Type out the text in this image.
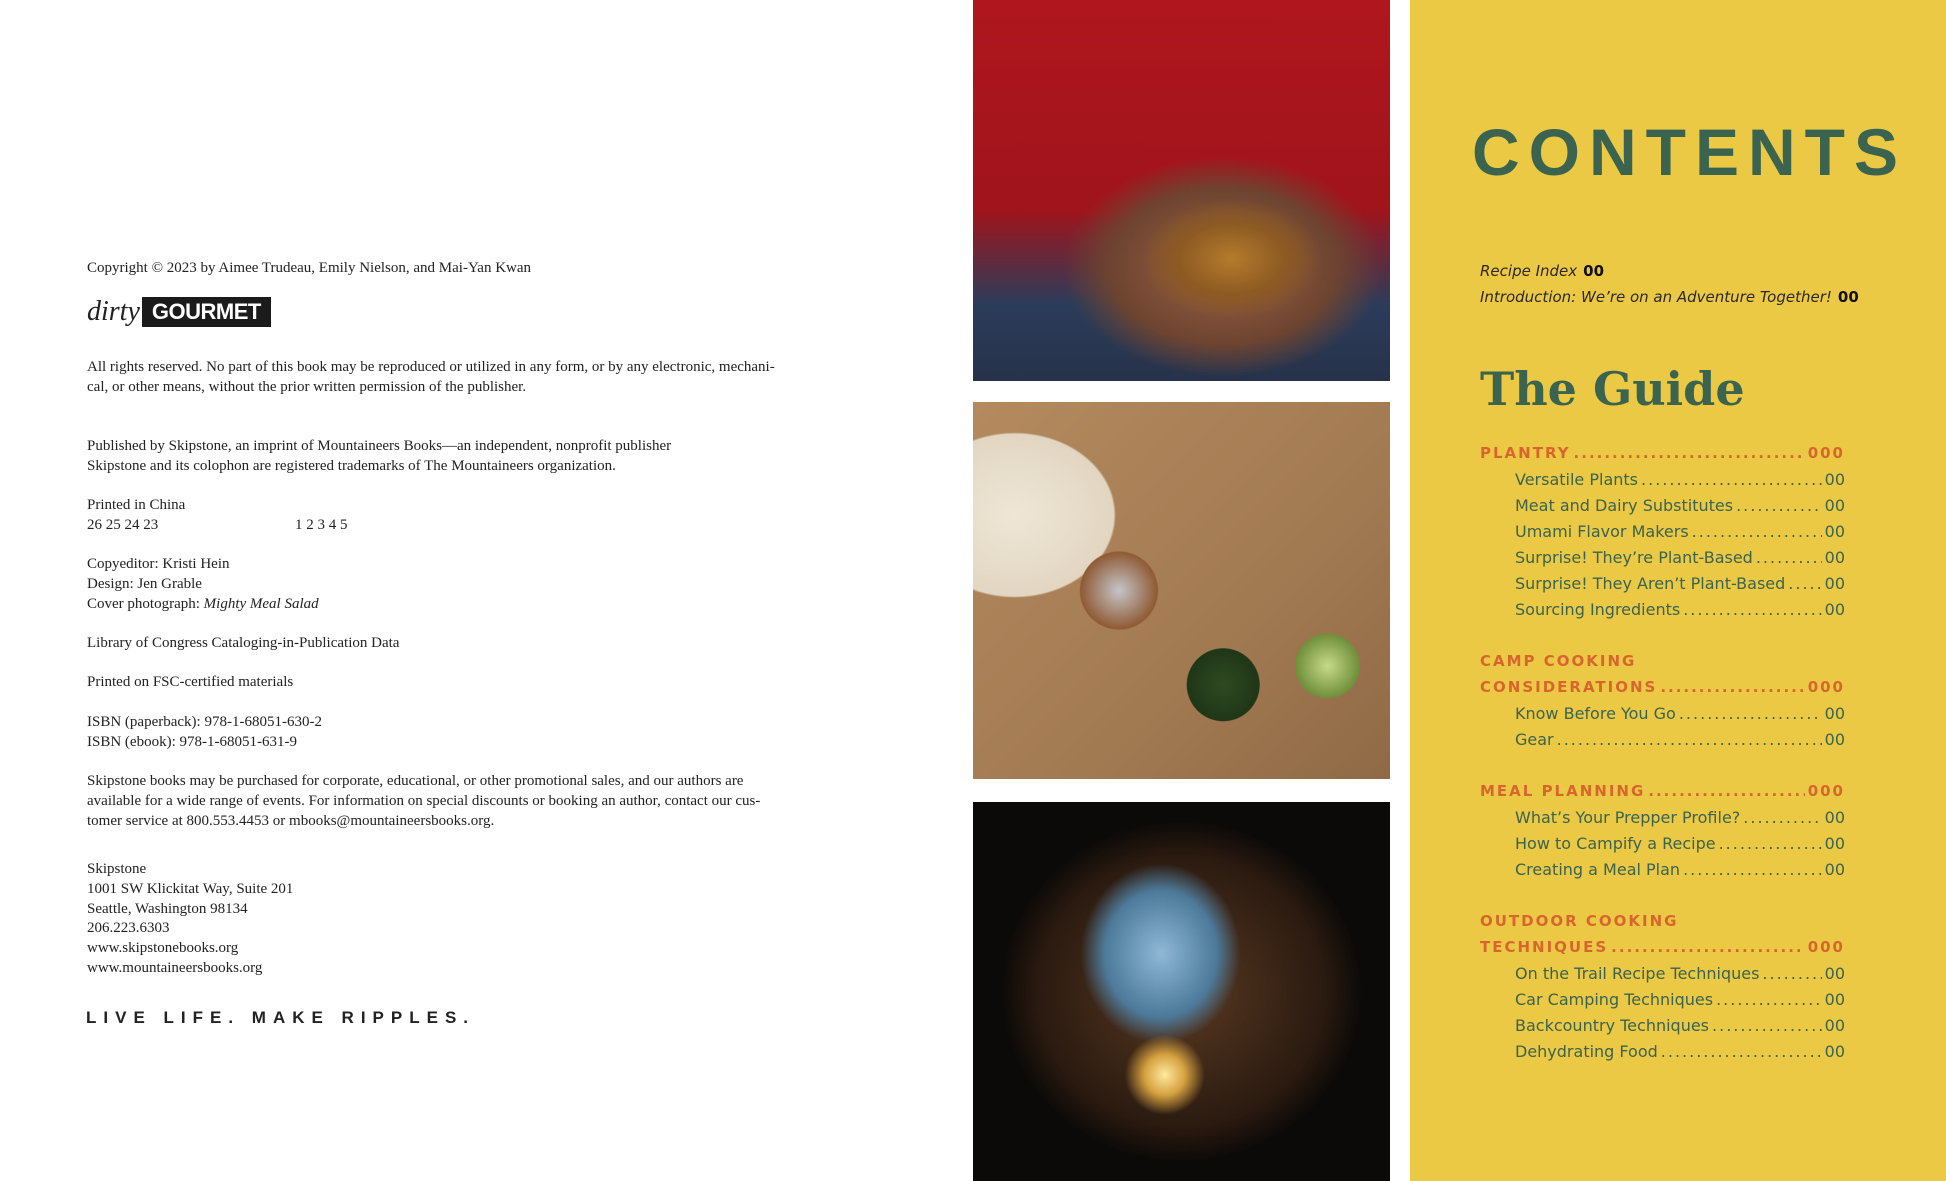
Copyright © 2023 by Aimee Trudeau, Emily Nielson, and Mai-Yan Kwan
dirty GOURMET
All rights reserved. No part of this book may be reproduced or utilized in any form, or by any electronic, mechani-
cal, or other means, without the prior written permission of the publisher.
Published by Skipstone, an imprint of Mountaineers Books—an independent, nonprofit publisher
Skipstone and its colophon are registered trademarks of The Mountaineers organization.
Printed in China
26 25 24 23	1 2 3 4 5
Copyeditor: Kristi Hein
Design: Jen Grable
Cover photograph: Mighty Meal Salad
Library of Congress Cataloging-in-Publication Data
Printed on FSC-certified materials
ISBN (paperback): 978-1-68051-630-2
ISBN (ebook): 978-1-68051-631-9
Skipstone books may be purchased for corporate, educational, or other promotional sales, and our authors are
available for a wide range of events. For information on special discounts or booking an author, contact our cus-
tomer service at 800.553.4453 or mbooks@mountaineersbooks.org.
Skipstone
1001 SW Klickitat Way, Suite 201
Seattle, Washington 98134
206.223.6303
www.skipstonebooks.org
www.mountaineersbooks.org
LIVE LIFE. MAKE RIPPLES.
CONTENTS
Recipe Index 00
Introduction: We’re on an Adventure Together! 00
The Guide
PLANTRY .....	000
Versatile Plants .....	00
Meat and Dairy Substitutes .....	00
Umami Flavor Makers .....	00
Surprise! They’re Plant-Based .....	00
Surprise! They Aren’t Plant-Based ..... 00
Sourcing Ingredients .....	00
CAMP COOKING
CONSIDERATIONS .....	000
Know Before You Go .....	00
Gear .....	00
MEAL PLANNING .....	000
What’s Your Prepper Profile? .....	00
How to Campify a Recipe .....	00
Creating a Meal Plan .....	00
OUTDOOR COOKING
TECHNIQUES .....	000
On the Trail Recipe Techniques .....	00
Car Camping Techniques .....	00
Backcountry Techniques .....	00
Dehydrating Food .....	00
